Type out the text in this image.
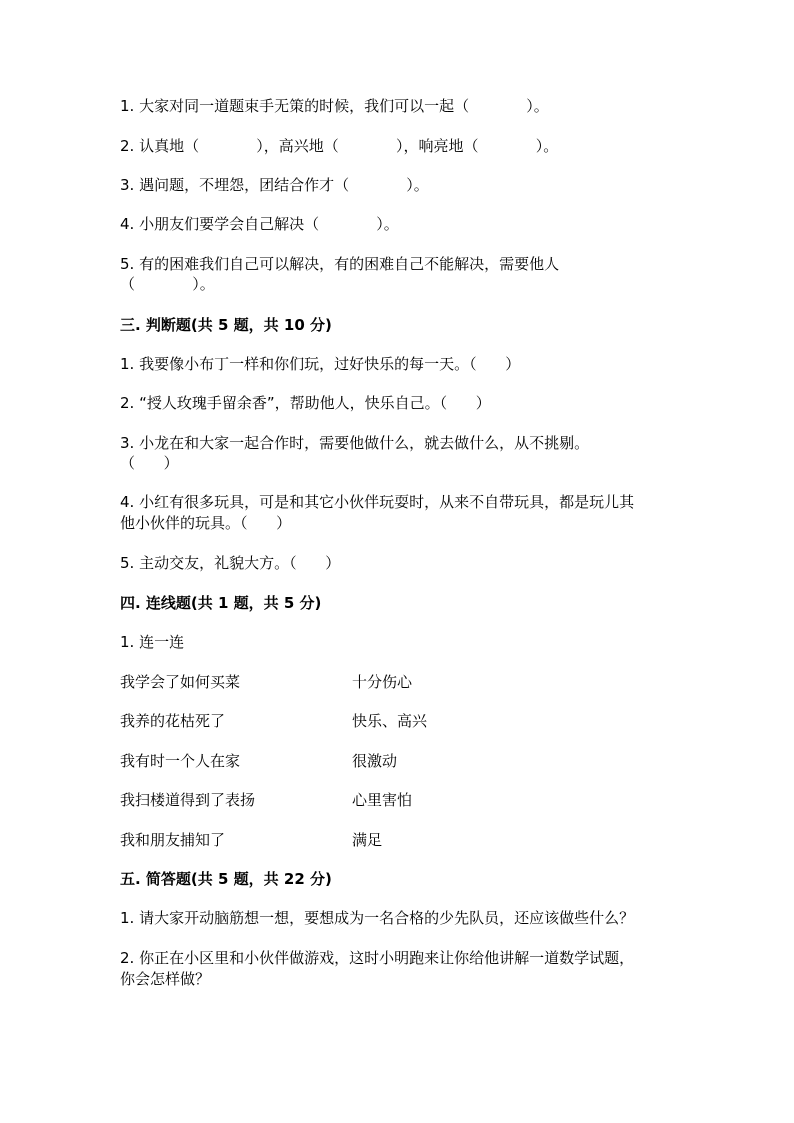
1. 大家对同一道题束手无策的时候，我们可以一起（            ）。
2. 认真地（            ），高兴地（            ），响亮地（            ）。
3. 遇问题，不埋怨，团结合作才（            ）。
4. 小朋友们要学会自己解决（            ）。
5. 有的困难我们自己可以解决，有的困难自己不能解决，需要他人
（            ）。
三. 判断题(共 5 题，共 10 分)
1. 我要像小布丁一样和你们玩，过好快乐的每一天。（      ）
2. “授人玫瑰手留余香”，帮助他人，快乐自己。（      ）
3. 小龙在和大家一起合作时，需要他做什么，就去做什么，从不挑剔。
（      ）
4. 小红有很多玩具，可是和其它小伙伴玩耍时，从来不自带玩具，都是玩儿其
他小伙伴的玩具。（      ）
5. 主动交友，礼貌大方。（      ）
四. 连线题(共 1 题，共 5 分)
1. 连一连
我学会了如何买菜	十分伤心
我养的花枯死了	快乐、高兴
我有时一个人在家	很激动
我扫楼道得到了表扬	心里害怕
我和朋友捕知了	满足
五. 简答题(共 5 题，共 22 分)
1. 请大家开动脑筋想一想，要想成为一名合格的少先队员，还应该做些什么？
2. 你正在小区里和小伙伴做游戏，这时小明跑来让你给他讲解一道数学试题，
你会怎样做？
